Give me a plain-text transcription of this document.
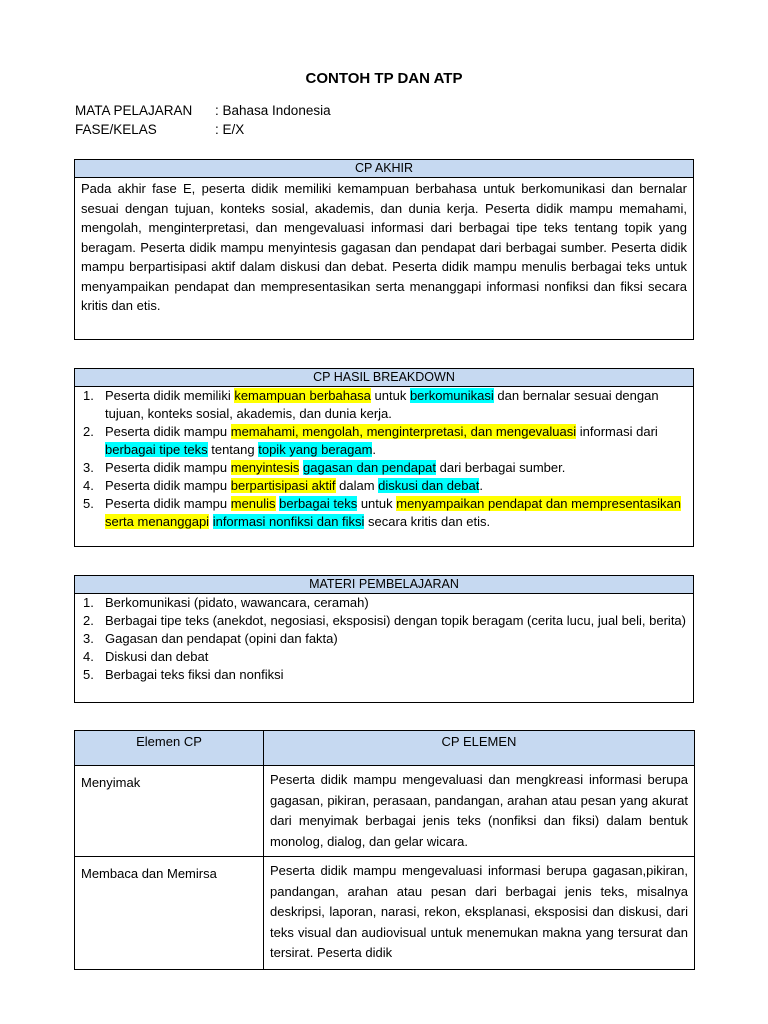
CONTOH TP DAN ATP
MATA PELAJARAN : Bahasa Indonesia
FASE/KELAS	: E/X
CP AKHIR
Pada akhir fase E, peserta didik memiliki kemampuan berbahasa untuk berkomunikasi dan bernalar sesuai dengan tujuan, konteks sosial, akademis, dan dunia kerja. Peserta didik mampu memahami, mengolah, menginterpretasi, dan mengevaluasi informasi dari berbagai tipe teks tentang topik yang beragam. Peserta didik mampu menyintesis gagasan dan pendapat dari berbagai sumber. Peserta didik mampu berpartisipasi aktif dalam diskusi dan debat. Peserta didik mampu menulis berbagai teks untuk menyampaikan pendapat dan mempresentasikan serta menanggapi informasi nonfiksi dan fiksi secara kritis dan etis.
CP HASIL BREAKDOWN
1. Peserta didik memiliki kemampuan berbahasa untuk berkomunikasi dan bernalar sesuai dengan tujuan, konteks sosial, akademis, dan dunia kerja.
2. Peserta didik mampu memahami, mengolah, menginterpretasi, dan mengevaluasi informasi dari berbagai tipe teks tentang topik yang beragam.
3. Peserta didik mampu menyintesis gagasan dan pendapat dari berbagai sumber.
4. Peserta didik mampu berpartisipasi aktif dalam diskusi dan debat.
5. Peserta didik mampu menulis berbagai teks untuk menyampaikan pendapat dan mempresentasikan serta menanggapi informasi nonfiksi dan fiksi secara kritis dan etis.
MATERI PEMBELAJARAN
1. Berkomunikasi (pidato, wawancara, ceramah)
2. Berbagai tipe teks (anekdot, negosiasi, eksposisi) dengan topik beragam (cerita lucu, jual beli, berita)
3. Gagasan dan pendapat (opini dan fakta)
4. Diskusi dan debat
5. Berbagai teks fiksi dan nonfiksi
Elemen CP	CP ELEMEN
Menyimak	Peserta didik mampu mengevaluasi dan mengkreasi informasi berupa gagasan, pikiran, perasaan, pandangan, arahan atau pesan yang akurat dari menyimak berbagai jenis teks (nonfiksi dan fiksi) dalam bentuk monolog, dialog, dan gelar wicara.
Membaca dan Memirsa	Peserta didik mampu mengevaluasi informasi berupa gagasan,pikiran, pandangan, arahan atau pesan dari berbagai jenis teks, misalnya deskripsi, laporan, narasi, rekon, eksplanasi, eksposisi dan diskusi, dari teks visual dan audiovisual untuk menemukan makna yang tersurat dan tersirat. Peserta didik
